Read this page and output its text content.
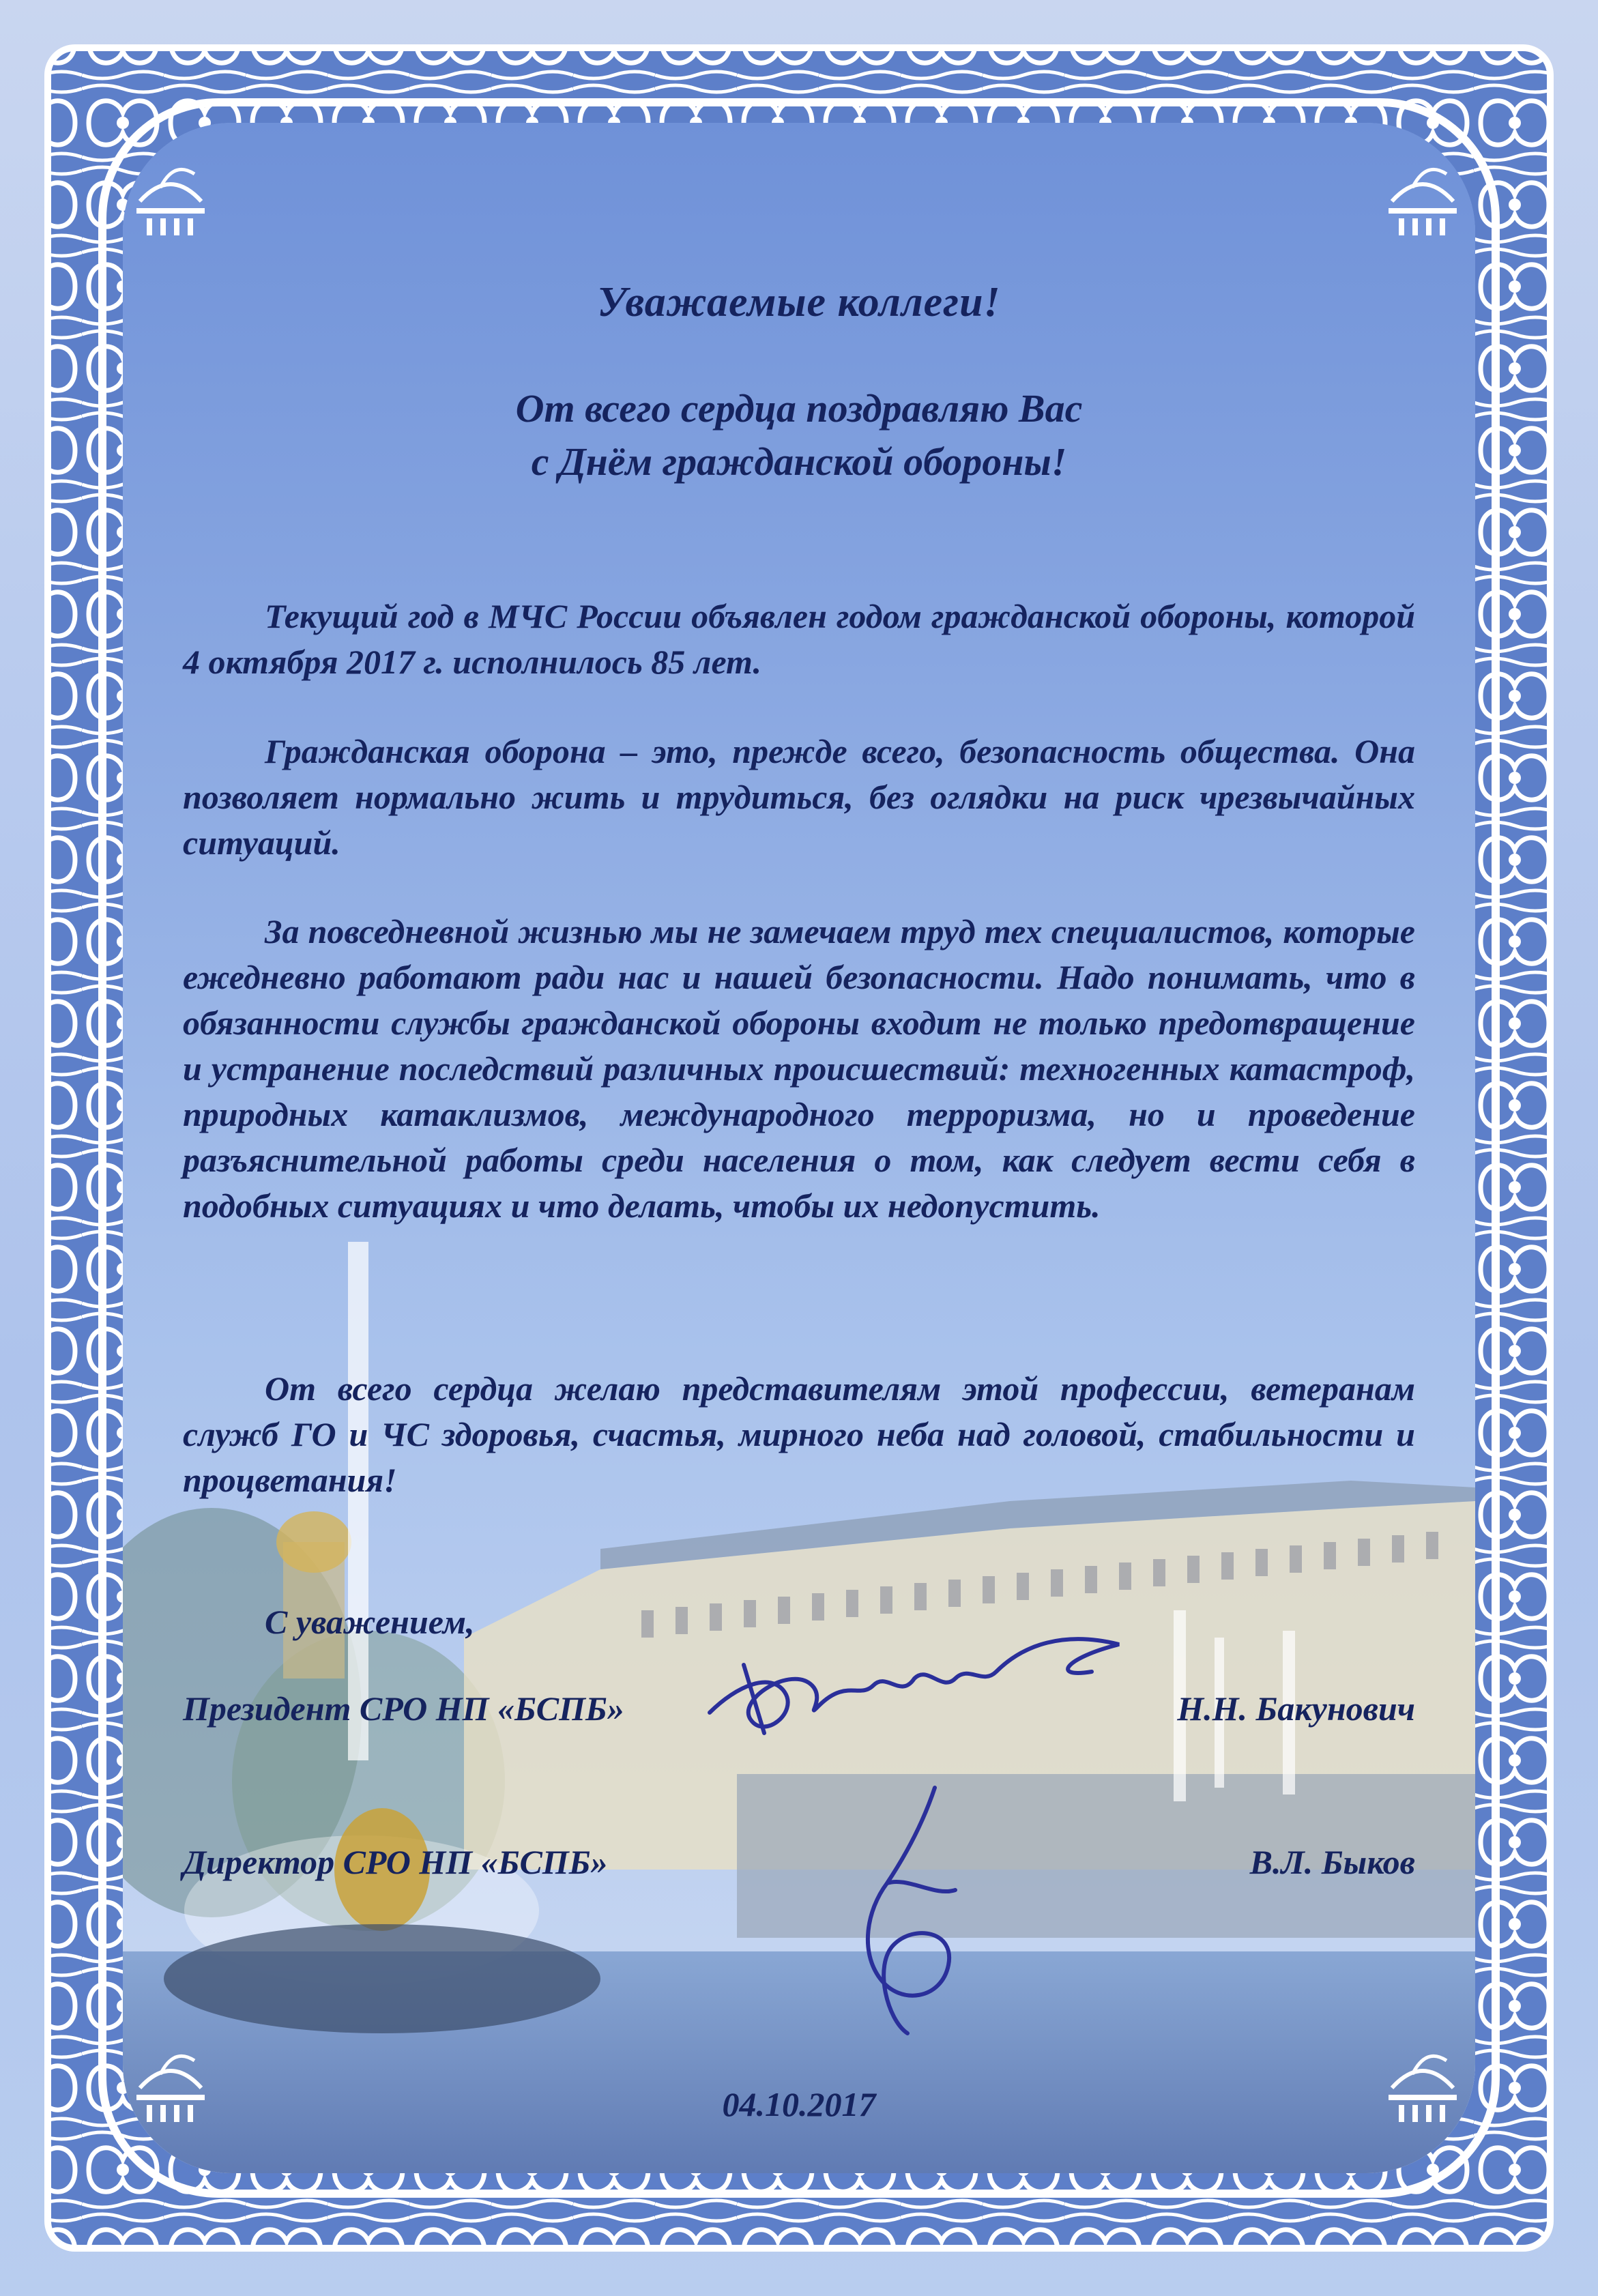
Уважаемые коллеги!
От всего сердца поздравляю Вас
с Днём гражданской обороны!
Текущий год в МЧС России объявлен годом гражданской обороны, которой 4 октября 2017 г. исполнилось 85 лет.
Гражданская оборона – это, прежде всего, безопасность общества. Она позволяет нормально жить и трудиться, без оглядки на риск чрезвычайных ситуаций.
За повседневной жизнью мы не замечаем труд тех специалистов, которые ежедневно работают ради нас и нашей безопасности. Надо понимать, что в обязанности службы гражданской обороны входит не только предотвращение и устранение последствий различных происшествий: техногенных катастроф, природных катаклизмов, международного терроризма, но и проведение разъяснительной работы среди населения о том, как следует вести себя в подобных ситуациях и что делать, чтобы их недопустить.
От всего сердца желаю представителям этой профессии, ветеранам служб ГО и ЧС здоровья, счастья, мирного неба над головой, стабильности и процветания!
С уважением,
Президент СРО НП «БСПБ»	Н.Н. Бакунович
Директор СРО НП «БСПБ»	В.Л. Быков
04.10.2017
